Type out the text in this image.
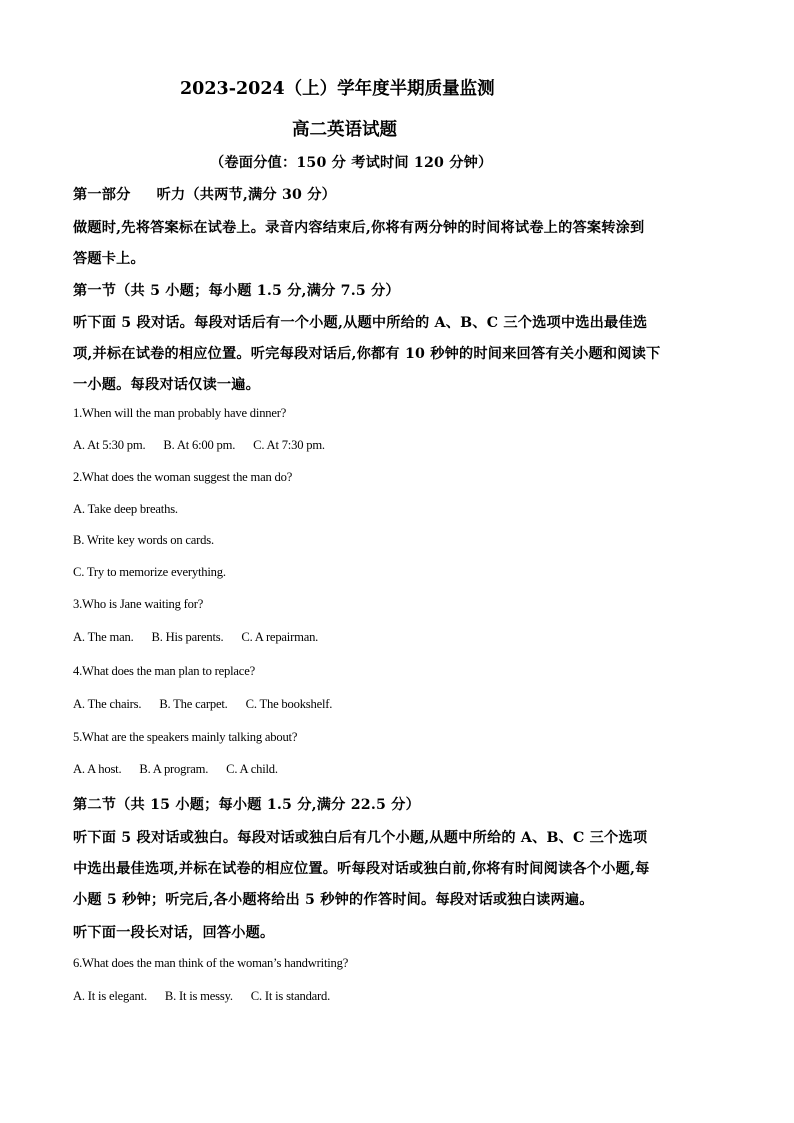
2023-2024（上）学年度半期质量监测
高二英语试题
（卷面分值：150 分 考试时间 120 分钟）
第一部分 听力（共两节,满分 30 分）
做题时,先将答案标在试卷上。录音内容结束后,你将有两分钟的时间将试卷上的答案转涂到
答题卡上。
第一节（共 5 小题；每小题 1.5 分,满分 7.5 分）
听下面 5 段对话。每段对话后有一个小题,从题中所给的 A、B、C 三个选项中选出最佳选
项,并标在试卷的相应位置。听完每段对话后,你都有 10 秒钟的时间来回答有关小题和阅读下
一小题。每段对话仅读一遍。
1.When will the man probably have dinner?
A. At 5:30 pm. B. At 6:00 pm. C. At 7:30 pm.
2.What does the woman suggest the man do?
A. Take deep breaths.
B. Write key words on cards.
C. Try to memorize everything.
3.Who is Jane waiting for?
A. The man. B. His parents. C. A repairman.
4.What does the man plan to replace?
A. The chairs. B. The carpet. C. The bookshelf.
5.What are the speakers mainly talking about?
A. A host. B. A program. C. A child.
第二节（共 15 小题；每小题 1.5 分,满分 22.5 分）
听下面 5 段对话或独白。每段对话或独白后有几个小题,从题中所给的 A、B、C 三个选项
中选出最佳选项,并标在试卷的相应位置。听每段对话或独白前,你将有时间阅读各个小题,每
小题 5 秒钟；听完后,各小题将给出 5 秒钟的作答时间。每段对话或独白读两遍。
听下面一段长对话，回答小题。
6.What does the man think of the woman’s handwriting?
A. It is elegant. B. It is messy. C. It is standard.
